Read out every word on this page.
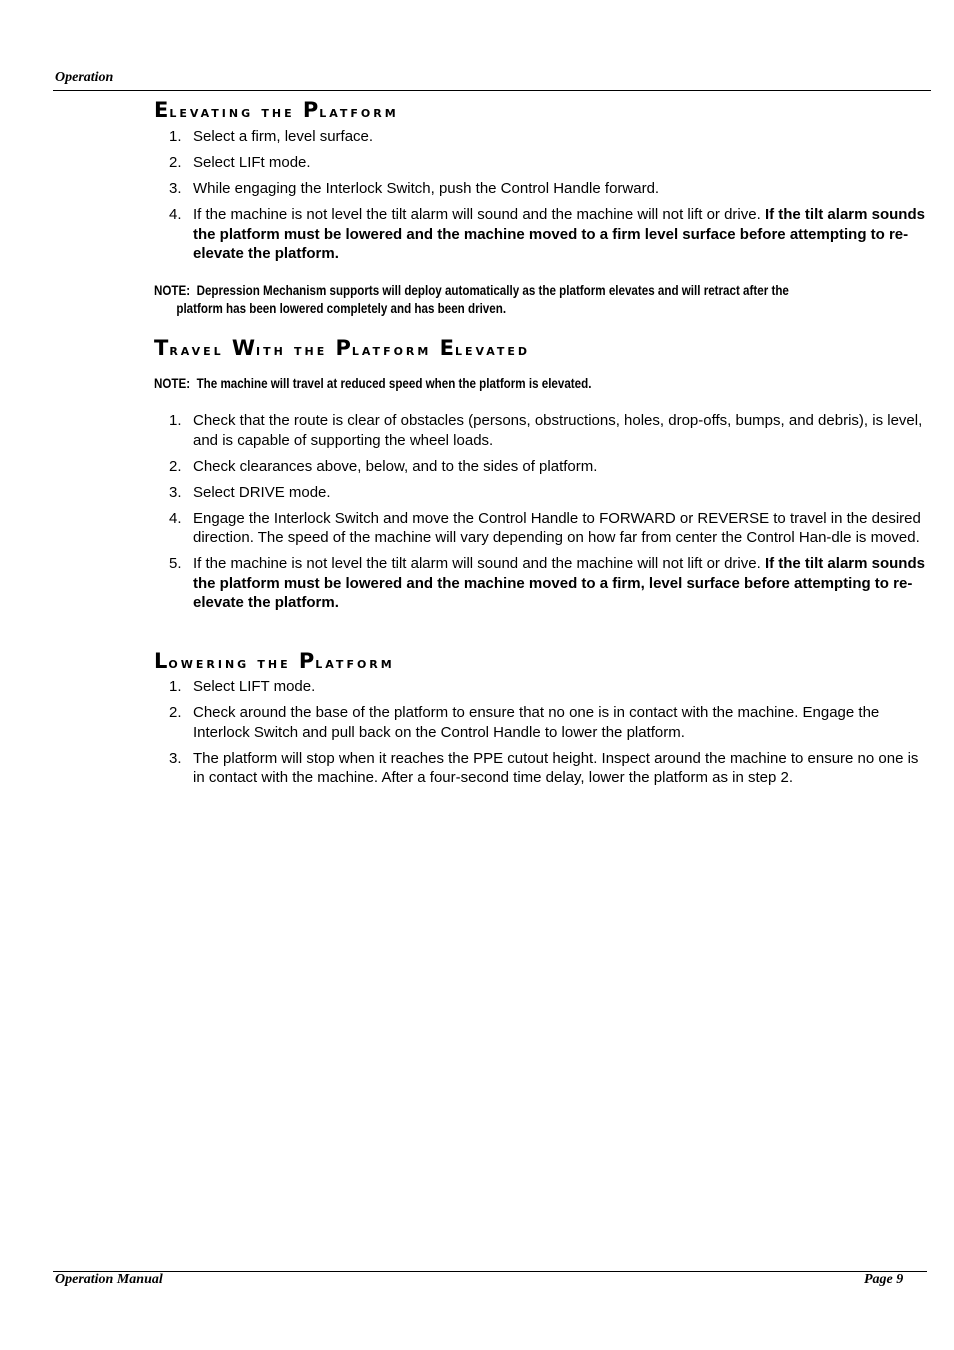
Operation
Elevating the Platform
1. Select a firm, level surface.
2. Select LIFt mode.
3. While engaging the Interlock Switch, push the Control Handle forward.
4. If the machine is not level the tilt alarm will sound and the machine will not lift or drive. If the tilt alarm sounds the platform must be lowered and the machine moved to a firm level surface before attempting to re-elevate the platform.
NOTE: Depression Mechanism supports will deploy automatically as the platform elevates and will retract after the
platform has been lowered completely and has been driven.
Travel With the Platform Elevated
NOTE: The machine will travel at reduced speed when the platform is elevated.
1. Check that the route is clear of obstacles (persons, obstructions, holes, drop-offs, bumps, and debris), is level, and is capable of supporting the wheel loads.
2. Check clearances above, below, and to the sides of platform.
3. Select DRIVE mode.
4. Engage the Interlock Switch and move the Control Handle to FORWARD or REVERSE to travel in the desired direction. The speed of the machine will vary depending on how far from center the Control Han-dle is moved.
5. If the machine is not level the tilt alarm will sound and the machine will not lift or drive. If the tilt alarm sounds the platform must be lowered and the machine moved to a firm, level surface before attempting to re-elevate the platform.
Lowering the Platform
1. Select LIFT mode.
2. Check around the base of the platform to ensure that no one is in contact with the machine. Engage the Interlock Switch and pull back on the Control Handle to lower the platform.
3. The platform will stop when it reaches the PPE cutout height. Inspect around the machine to ensure no one is in contact with the machine. After a four-second time delay, lower the platform as in step 2.
Operation Manual	Page 9
